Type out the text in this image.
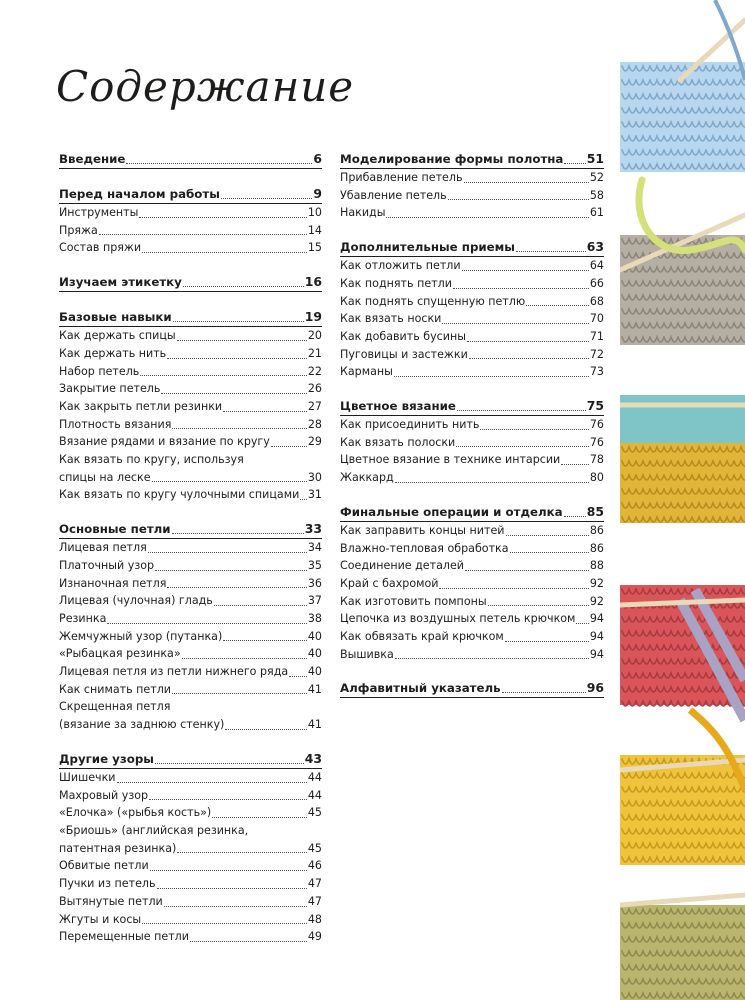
Содержание
Введение	6
Перед началом работы	9
Инструменты	10
Пряжа	14
Состав пряжи	15
Изучаем этикетку	16
Базовые навыки	19
Как держать спицы	20
Как держать нить	21
Набор петель	22
Закрытие петель	26
Как закрыть петли резинки	27
Плотность вязания	28
Вязание рядами и вязание по кругу	29
Как вязать по кругу, используя
спицы на леске	30
Как вязать по кругу чулочными спицами 31
Основные петли	33
Лицевая петля	34
Платочный узор	35
Изнаночная петля	36
Лицевая (чулочная) гладь	37
Резинка	38
Жемчужный узор (путанка)	40
«Рыбацкая резинка»	40
Лицевая петля из петли нижнего ряда 40
Как снимать петли	41
Скрещенная петля
(вязание за заднюю стенку)	41
Другие узоры	43
Шишечки	44
Махровый узор	44
«Елочка» («рыбья кость»)	45
«Бриошь» (английская резинка,
патентная резинка)	45
Обвитые петли	46
Пучки из петель	47
Вытянутые петли	47
Жгуты и косы	48
Перемещенные петли	49
Моделирование формы полотна 51
Прибавление петель	52
Убавление петель	58
Накиды	61
Дополнительные приемы	63
Как отложить петли	64
Как поднять петли	66
Как поднять спущенную петлю	68
Как вязать носки	70
Как добавить бусины	71
Пуговицы и застежки	72
Карманы	73
Цветное вязание	75
Как присоединить нить	76
Как вязать полоски	76
Цветное вязание в технике интарсии	78
Жаккард	80
Финальные операции и отделка 85
Как заправить концы нитей	86
Влажно-тепловая обработка	86
Соединение деталей	88
Край с бахромой	92
Как изготовить помпоны	92
Цепочка из воздушных петель крючком 94
Как обвязать край крючком	94
Вышивка	94
Алфавитный указатель	96
